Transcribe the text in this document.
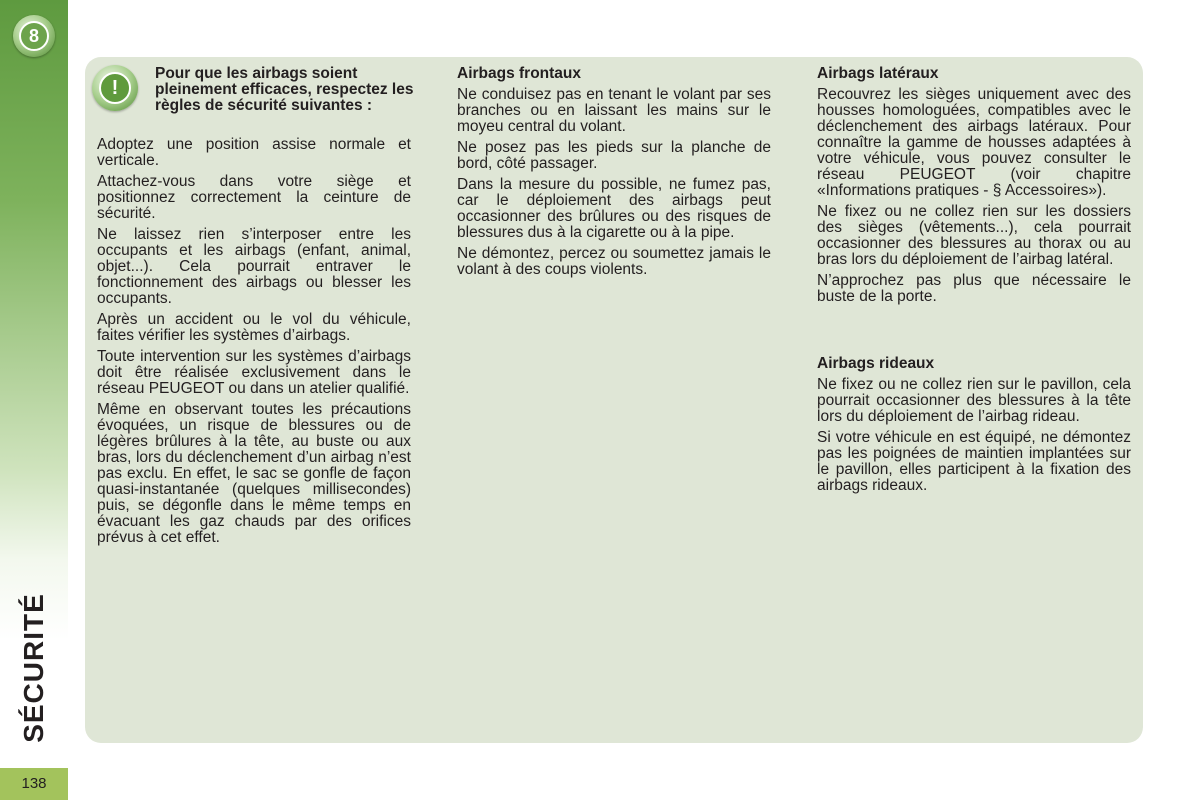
8
SÉCURITÉ
138
!
Pour que les airbags soient pleinement efficaces, respectez les règles de sécurité suivantes :

Adoptez une position assise normale et verticale.

Attachez-vous dans votre siège et positionnez correctement la ceinture de sécurité.

Ne laissez rien s’interposer entre les occupants et les airbags (enfant, animal, objet...). Cela pourrait entraver le fonctionnement des airbags ou blesser les occupants.

Après un accident ou le vol du véhicule, faites vérifier les systèmes d’airbags.

Toute intervention sur les systèmes d’airbags doit être réalisée exclusivement dans le réseau PEUGEOT ou dans un atelier qualifié.

Même en observant toutes les précautions évoquées, un risque de blessures ou de légères brûlures à la tête, au buste ou aux bras, lors du déclenchement d’un airbag n’est pas exclu. En effet, le sac se gonfle de façon quasi-instantanée (quelques millisecondes) puis, se dégonfle dans le même temps en évacuant les gaz chauds par des orifices prévus à cet effet.

Airbags frontaux

Ne conduisez pas en tenant le volant par ses branches ou en laissant les mains sur le moyeu central du volant.

Ne posez pas les pieds sur la planche de bord, côté passager.

Dans la mesure du possible, ne fumez pas, car le déploiement des airbags peut occasionner des brûlures ou des risques de blessures dus à la cigarette ou à la pipe.

Ne démontez, percez ou soumettez jamais le volant à des coups violents.

Airbags latéraux

Recouvrez les sièges uniquement avec des housses homologuées, compatibles avec le déclenchement des airbags latéraux. Pour connaître la gamme de housses adaptées à votre véhicule, vous pouvez consulter le réseau PEUGEOT (voir chapitre «Informations pratiques - § Accessoires»).

Ne fixez ou ne collez rien sur les dossiers des sièges (vêtements...), cela pourrait occasionner des blessures au thorax ou au bras lors du déploiement de l’airbag latéral.

N’approchez pas plus que nécessaire le buste de la porte.

Airbags rideaux

Ne fixez ou ne collez rien sur le pavillon, cela pourrait occasionner des blessures à la tête lors du déploiement de l’airbag rideau.

Si votre véhicule en est équipé, ne démontez pas les poignées de maintien implantées sur le pavillon, elles participent à la fixation des airbags rideaux.
